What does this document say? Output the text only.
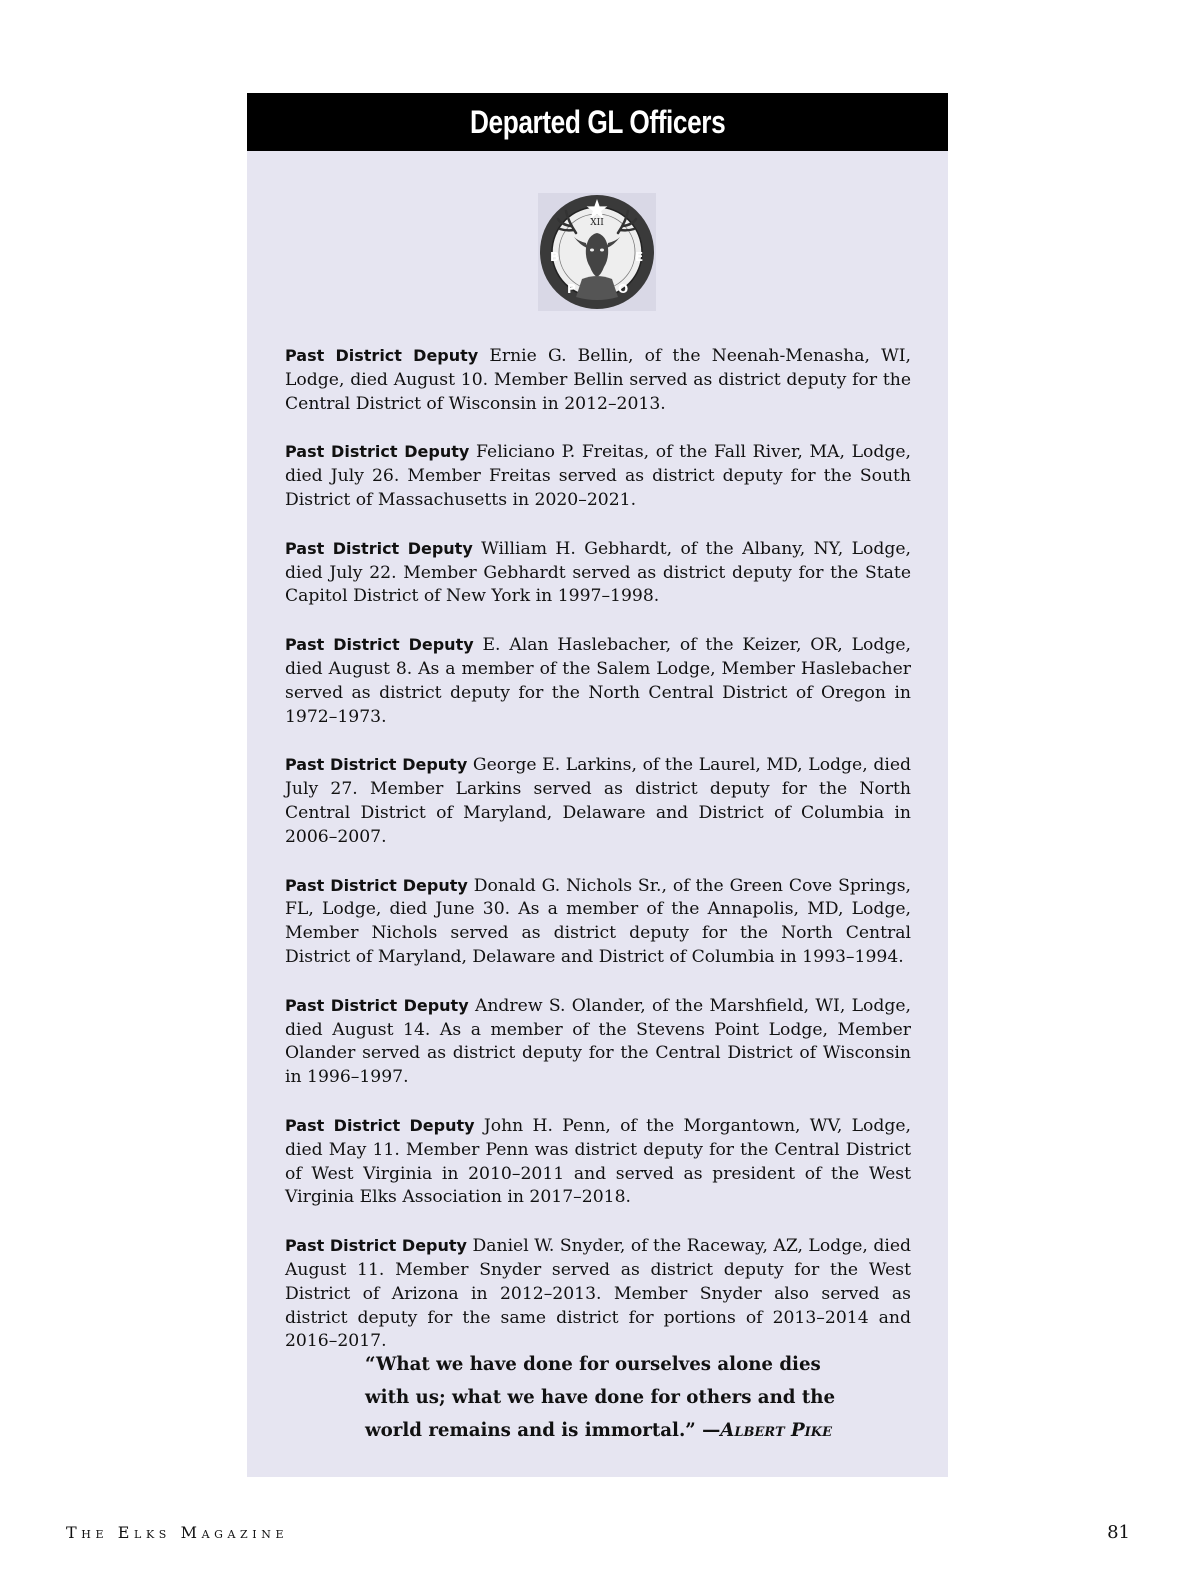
Departed GL Officers
XII
B
P	O
E

Past District Deputy Ernie G. Bellin, of the Neenah-Menasha, WI, Lodge, died August 10. Member Bellin served as district deputy for the Central District of Wisconsin in 2012–2013.

Past District Deputy Feliciano P. Freitas, of the Fall River, MA, Lodge, died July 26. Member Freitas served as district deputy for the South District of Massachusetts in 2020–2021.

Past District Deputy William H. Gebhardt, of the Albany, NY, Lodge, died July 22. Member Gebhardt served as district deputy for the State Capitol District of New York in 1997–1998.

Past District Deputy E. Alan Haslebacher, of the Keizer, OR, Lodge, died August 8. As a member of the Salem Lodge, Member Haslebacher served as district deputy for the North Central District of Oregon in 1972–1973.

Past District Deputy George E. Larkins, of the Laurel, MD, Lodge, died July 27. Member Larkins served as district deputy for the North Central District of Maryland, Delaware and District of Columbia in 2006–2007.

Past District Deputy Donald G. Nichols Sr., of the Green Cove Springs, FL, Lodge, died June 30. As a member of the Annapolis, MD, Lodge, Member Nichols served as district deputy for the North Central District of Maryland, Delaware and District of Columbia in 1993–1994.

Past District Deputy Andrew S. Olander, of the Marshfield, WI, Lodge, died August 14. As a member of the Stevens Point Lodge, Member Olander served as district deputy for the Central District of Wisconsin in 1996–1997.

Past District Deputy John H. Penn, of the Morgantown, WV, Lodge, died May 11. Member Penn was district deputy for the Central District of West Virginia in 2010–2011 and served as president of the West Virginia Elks Association in 2017–2018.

Past District Deputy Daniel W. Snyder, of the Raceway, AZ, Lodge, died August 11. Member Snyder served as district deputy for the West District of Arizona in 2012–2013. Member Snyder also served as district deputy for the same district for portions of 2013–2014 and 2016–2017.

“What we have done for ourselves alone dies with us; what we have done for others and the world remains and is immortal.” —Albert Pike
The Elks Magazine	81
